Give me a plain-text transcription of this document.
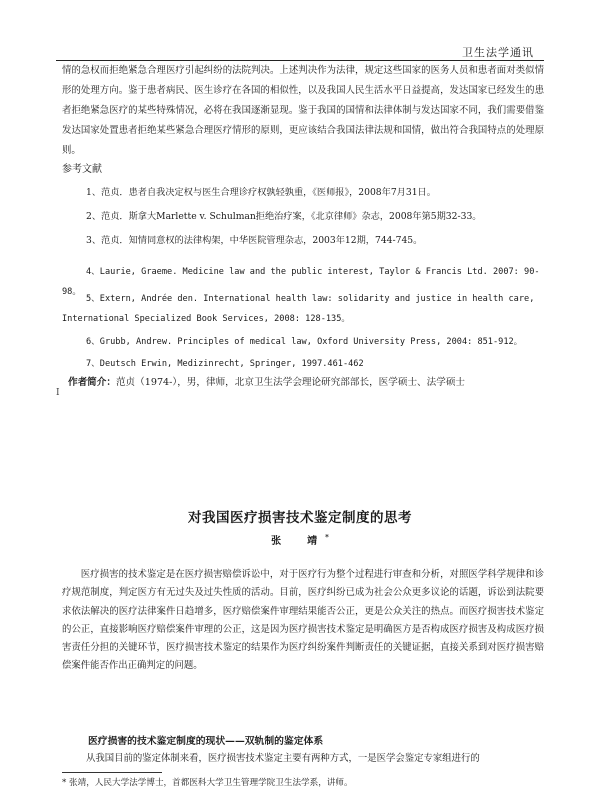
卫生法学通讯

情的急权而拒绝紧急合理医疗引起纠纷的法院判决。上述判决作为法律，规定这些国家的医务人员和患者面对类似情形的处理方向。鉴于患者病民、医生诊疗在各国的相似性，以及我国人民生活水平日益提高，发达国家已经发生的患者拒绝紧急医疗的某些特殊情况，必将在我国逐渐显现。鉴于我国的国情和法律体制与发达国家不同，我们需要借鉴发达国家处置患者拒绝某些紧急合理医疗情形的原则，更应该结合我国法律法规和国情，做出符合我国特点的处理原则。

参考文献
1、范贞．患者自我决定权与医生合理诊疗权孰轻孰重，《医师报》，2008年7月31日。
2、范贞．斯拿大Marlette v. Schulman拒绝治疗案，《北京律师》杂志，2008年第5期32-33。
3、范贞．知情同意权的法律构架，中华医院管理杂志，2003年12期，744-745。
4、Laurie, Graeme. Medicine law and the public interest, Taylor & Francis Ltd. 2007: 90-98。
5、Extern, Andrée den. International health law: solidarity and justice in health care, International Specialized Book Services, 2008: 128-135。
6、Grubb, Andrew. Principles of medical law, Oxford University Press, 2004: 851-912。
7、Deutsch Erwin, Medizinrecht, Springer, 1997.461-462
作者简介：范贞（1974-），男，律师，北京卫生法学会理论研究部部长，医学硕士、法学硕士
I
对我国医疗损害技术鉴定制度的思考
张　靖*

医疗损害的技术鉴定是在医疗损害赔偿诉讼中，对于医疗行为整个过程进行审查和分析，对照医学科学规律和诊疗规范制度，判定医方有无过失及过失性质的活动。目前，医疗纠纷已成为社会公众更多议论的话题，诉讼到法院要求依法解决的医疗法律案件日趋增多，医疗赔偿案件审理结果能否公正，更是公众关注的热点。而医疗损害技术鉴定的公正，直接影响医疗赔偿案件审理的公正，这是因为医疗损害技术鉴定是明确医方是否构成医疗损害及构成医疗损害责任分担的关键环节，医疗损害技术鉴定的结果作为医疗纠纷案件判断责任的关键证据，直接关系到对医疗损害赔偿案件能否作出正确判定的问题。

医疗损害的技术鉴定制度的现状——双轨制的鉴定体系
从我国目前的鉴定体制来看，医疗损害技术鉴定主要有两种方式，一是医学会鉴定专家组进行的
* 张靖，人民大学法学博士，首都医科大学卫生管理学院卫生法学系，讲师。
